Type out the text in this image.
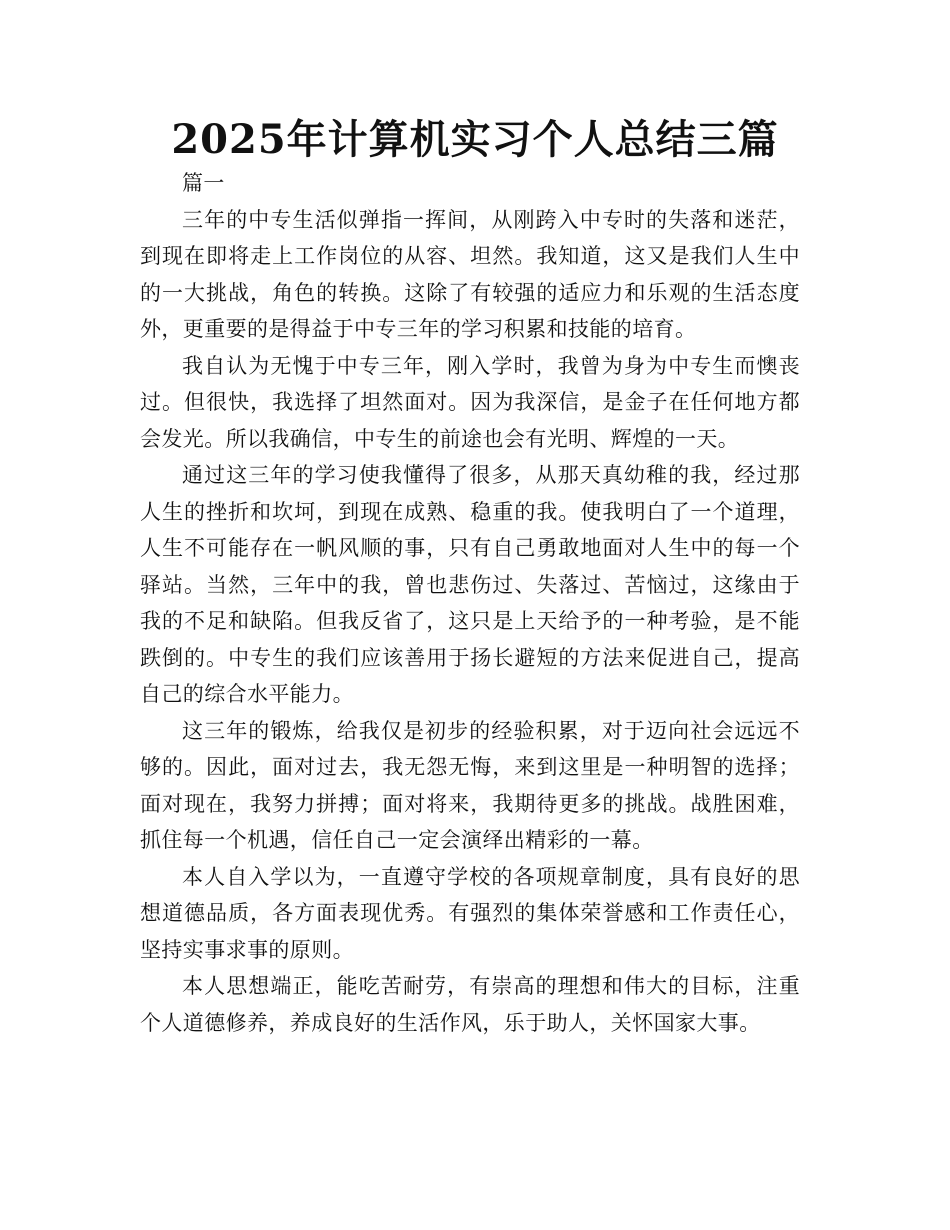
2025年计算机实习个人总结三篇

篇一

三年的中专生活似弹指一挥间，从刚跨入中专时的失落和迷茫，到现在即将走上工作岗位的从容、坦然。我知道，这又是我们人生中的一大挑战，角色的转换。这除了有较强的适应力和乐观的生活态度外，更重要的是得益于中专三年的学习积累和技能的培育。

我自认为无愧于中专三年，刚入学时，我曾为身为中专生而懊丧过。但很快，我选择了坦然面对。因为我深信，是金子在任何地方都会发光。所以我确信，中专生的前途也会有光明、辉煌的一天。

通过这三年的学习使我懂得了很多，从那天真幼稚的我，经过那人生的挫折和坎坷，到现在成熟、稳重的我。使我明白了一个道理，人生不可能存在一帆风顺的事，只有自己勇敢地面对人生中的每一个驿站。当然，三年中的我，曾也悲伤过、失落过、苦恼过，这缘由于我的不足和缺陷。但我反省了，这只是上天给予的一种考验，是不能跌倒的。中专生的我们应该善用于扬长避短的方法来促进自己，提高自己的综合水平能力。

这三年的锻炼，给我仅是初步的经验积累，对于迈向社会远远不够的。因此，面对过去，我无怨无悔，来到这里是一种明智的选择；面对现在，我努力拼搏；面对将来，我期待更多的挑战。战胜困难，抓住每一个机遇，信任自己一定会演绎出精彩的一幕。

本人自入学以为，一直遵守学校的各项规章制度，具有良好的思想道德品质，各方面表现优秀。有强烈的集体荣誉感和工作责任心，坚持实事求事的原则。

本人思想端正，能吃苦耐劳，有崇高的理想和伟大的目标，注重个人道德修养，养成良好的生活作风，乐于助人，关怀国家大事。
